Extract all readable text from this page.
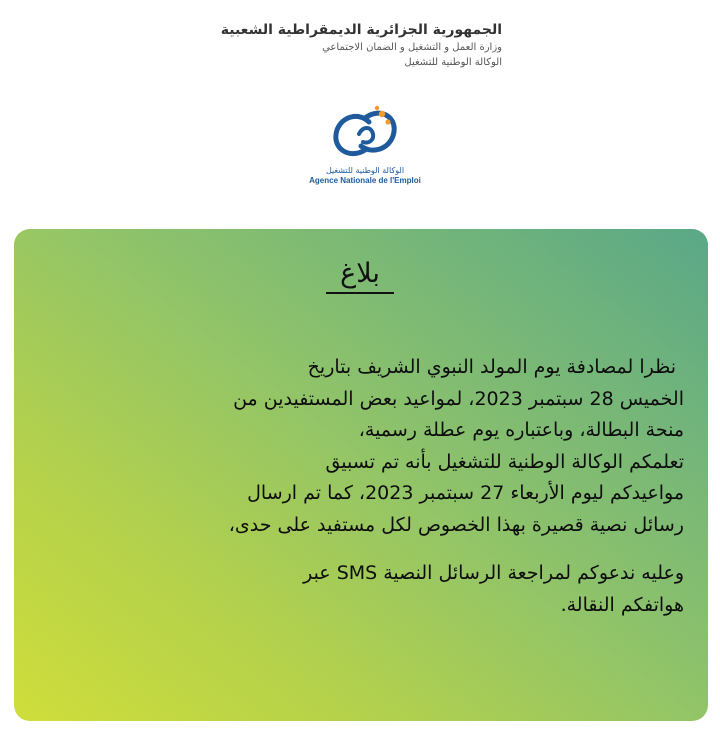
الجمهورية الجزائرية الديمقراطية الشعبية
وزارة العمل و التشغيل و الضمان الاجتماعي
الوكالة الوطنية للتشغيل
الوكالة الوطنية للتشغيل
Agence Nationale de l'Emploi
بلاغ

نظرا لمصادفة يوم المولد النبوي الشريف بتاريخ

الخميس 28 سبتمبر 2023، لمواعيد بعض المستفيدين من

منحة البطالة، وباعتباره يوم عطلة رسمية،

تعلمكم الوكالة الوطنية للتشغيل بأنه تم تسبيق

مواعيدكم ليوم الأربعاء 27 سبتمبر 2023، كما تم ارسال

رسائل نصية قصيرة بهذا الخصوص لكل مستفيد على حدى،

وعليه ندعوكم لمراجعة الرسائل النصية SMS عبر

هواتفكم النقالة.
